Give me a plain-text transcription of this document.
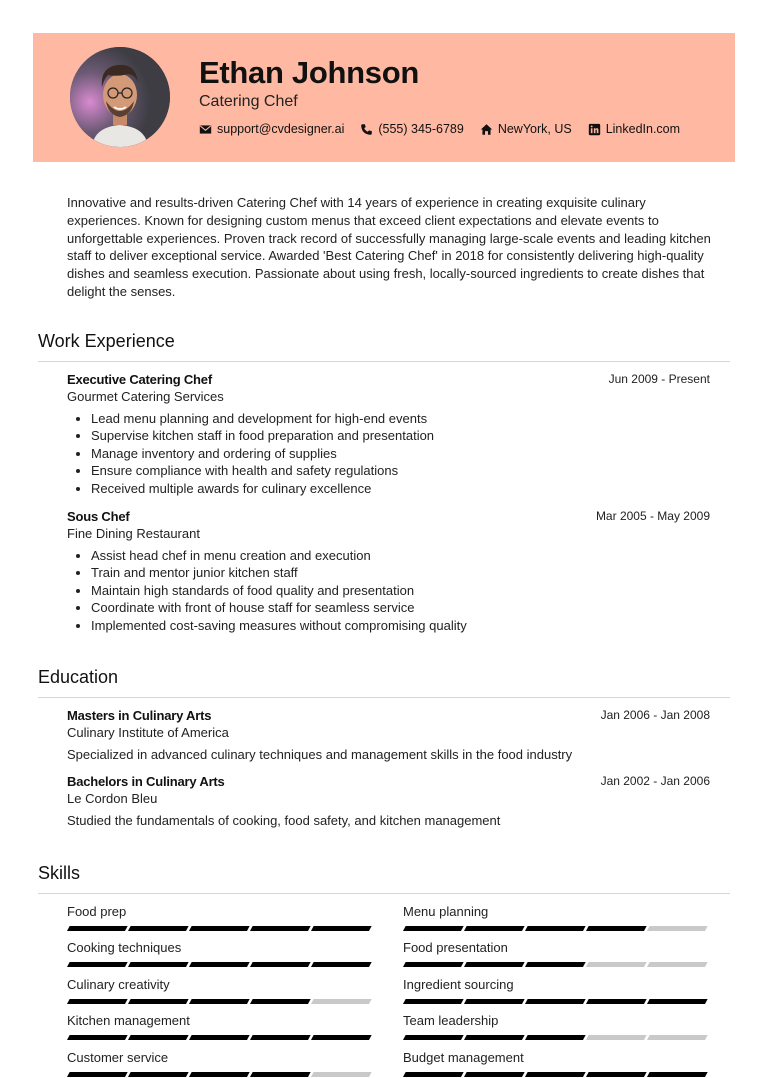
Ethan Johnson
Catering Chef
support@cvdesigner.ai	(555) 345-6789	NewYork, US	LinkedIn.com
Innovative and results-driven Catering Chef with 14 years of experience in creating exquisite culinary experiences. Known for designing custom menus that exceed client expectations and elevate events to unforgettable experiences. Proven track record of successfully managing large-scale events and leading kitchen staff to deliver exceptional service. Awarded 'Best Catering Chef' in 2018 for consistently delivering high-quality dishes and seamless execution. Passionate about using fresh, locally-sourced ingredients to create dishes that delight the senses.
Work Experience
Executive Catering Chef	Jun 2009 - Present
Gourmet Catering Services
• Lead menu planning and development for high-end events
• Supervise kitchen staff in food preparation and presentation
• Manage inventory and ordering of supplies
• Ensure compliance with health and safety regulations
• Received multiple awards for culinary excellence
Sous Chef	Mar 2005 - May 2009
Fine Dining Restaurant
• Assist head chef in menu creation and execution
• Train and mentor junior kitchen staff
• Maintain high standards of food quality and presentation
• Coordinate with front of house staff for seamless service
• Implemented cost-saving measures without compromising quality
Education
Masters in Culinary Arts	Jan 2006 - Jan 2008
Culinary Institute of America
Specialized in advanced culinary techniques and management skills in the food industry
Bachelors in Culinary Arts	Jan 2002 - Jan 2006
Le Cordon Bleu
Studied the fundamentals of cooking, food safety, and kitchen management
Skills
Food prep	Menu planning
Cooking techniques	Food presentation
Culinary creativity	Ingredient sourcing
Kitchen management	Team leadership
Customer service	Budget management
